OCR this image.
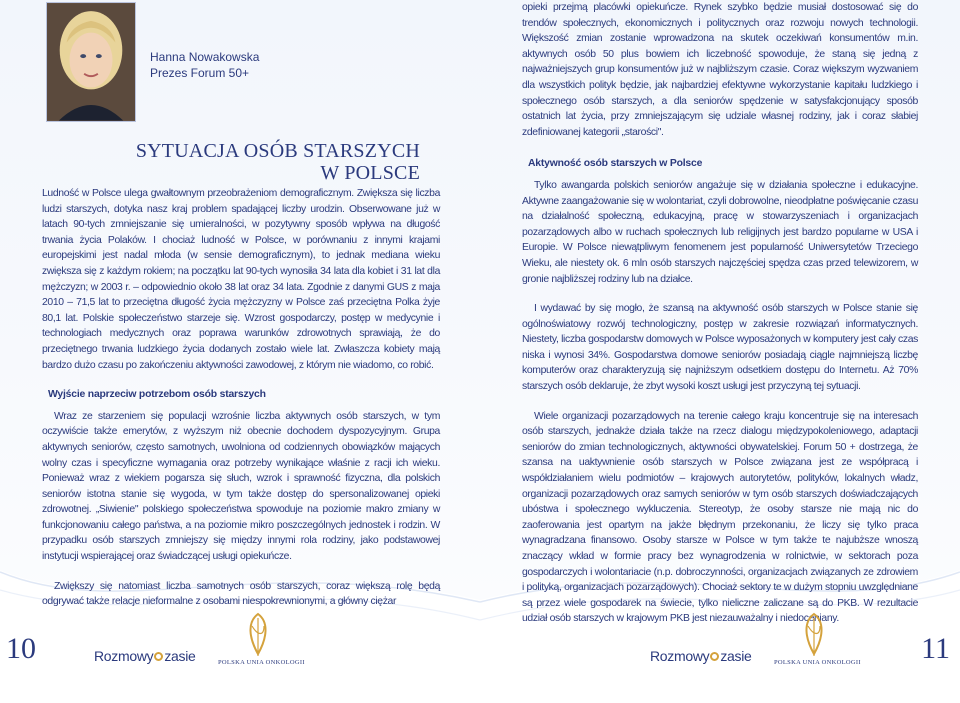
Hanna Nowakowska
Prezes Forum 50+
SYTUACJA OSÓB STARSZYCH
W POLSCE

Ludność w Polsce ulega gwałtownym przeobrażeniom demograficznym. Zwiększa się liczba ludzi starszych, dotyka nasz kraj problem spadającej liczby urodzin. Obserwowane już w latach 90-tych zmniejszanie się umieralności, w pozytywny sposób wpływa na długość trwania życia Polaków. I chociaż ludność w Polsce, w porównaniu z innymi krajami europejskimi jest nadal młoda (w sensie demograficznym), to jednak mediana wieku zwiększa się z każdym rokiem; na początku lat 90-tych wynosiła 34 lata dla kobiet i 31 lat dla mężczyzn; w 2003 r. – odpowiednio około 38 lat oraz 34 lata. Zgodnie z danymi GUS z maja 2010 – 71,5 lat to przeciętna długość życia mężczyzny w Polsce zaś przeciętna Polka żyje 80,1 lat. Polskie społeczeństwo starzeje się. Wzrost gospodarczy, postęp w medycynie i technologiach medycznych oraz poprawa warunków zdrowotnych sprawiają, że do przeciętnego trwania ludzkiego życia dodanych zostało wiele lat. Zwłaszcza kobiety mają bardzo dużo czasu po zakończeniu aktywności zawodowej, z którym nie wiadomo, co robić.

Wyjście naprzeciw potrzebom osób starszych

Wraz ze starzeniem się populacji wzrośnie liczba aktywnych osób starszych, w tym oczywiście także emerytów, z wyższym niż obecnie dochodem dyspozycyjnym. Grupa aktywnych seniorów, często samotnych, uwolniona od codziennych obowiązków mających wolny czas i specyficzne wymagania oraz potrzeby wynikające właśnie z racji ich wieku. Ponieważ wraz z wiekiem pogarsza się słuch, wzrok i sprawność fizyczna, dla polskich seniorów istotna stanie się wygoda, w tym także dostęp do spersonalizowanej opieki zdrowotnej. „Siwienie" polskiego społeczeństwa spowoduje na poziomie makro zmiany w funkcjonowaniu całego państwa, a na poziomie mikro poszczególnych jednostek i rodzin. W przypadku osób starszych zmniejszy się między innymi rola rodziny, jako podstawowej instytucji wspierającej oraz świadczącej usługi opiekuńcze.

Zwiększy się natomiast liczba samotnych osób starszych, coraz większą rolę będą odgrywać także relacje nieformalne z osobami niespokrewnionymi, a główny ciężar

10	Rozmowy zasie	POLSKA UNIA ONKOLOGII

opieki przejmą placówki opiekuńcze. Rynek szybko będzie musiał dostosować się do trendów społecznych, ekonomicznych i politycznych oraz rozwoju nowych technologii. Większość zmian zostanie wprowadzona na skutek oczekiwań konsumentów m.in. aktywnych osób 50 plus bowiem ich liczebność spowoduje, że staną się jedną z najważniejszych grup konsumentów już w najbliższym czasie. Coraz większym wyzwaniem dla wszystkich polityk będzie, jak najbardziej efektywne wykorzystanie kapitału ludzkiego i społecznego osób starszych, a dla seniorów spędzenie w satysfakcjonujący sposób ostatnich lat życia, przy zmniejszającym się udziale własnej rodziny, jak i coraz słabiej zdefiniowanej kategorii „starości".

Aktywność osób starszych w Polsce

Tylko awangarda polskich seniorów angażuje się w działania społeczne i edukacyjne. Aktywne zaangażowanie się w wolontariat, czyli dobrowolne, nieodpłatne poświęcanie czasu na działalność społeczną, edukacyjną, pracę w stowarzyszeniach i organizacjach pozarządowych albo w ruchach społecznych lub religijnych jest bardzo popularne w USA i Europie. W Polsce niewątpliwym fenomenem jest popularność Uniwersytetów Trzeciego Wieku, ale niestety ok. 6 mln osób starszych najczęściej spędza czas przed telewizorem, w gronie najbliższej rodziny lub na działce.

I wydawać by się mogło, że szansą na aktywność osób starszych w Polsce stanie się ogólnoświatowy rozwój technologiczny, postęp w zakresie rozwiązań informatycznych. Niestety, liczba gospodarstw domowych w Polsce wyposażonych w komputery jest cały czas niska i wynosi 34%. Gospodarstwa domowe seniorów posiadają ciągle najmniejszą liczbę komputerów oraz charakteryzują się najniższym odsetkiem dostępu do Internetu. Aż 70% starszych osób deklaruje, że zbyt wysoki koszt usługi jest przyczyną tej sytuacji.

Wiele organizacji pozarządowych na terenie całego kraju koncentruje się na interesach osób starszych, jednakże działa także na rzecz dialogu międzypokoleniowego, adaptacji seniorów do zmian technologicznych, aktywności obywatelskiej. Forum 50 + dostrzega, że szansa na uaktywnienie osób starszych w Polsce związana jest ze współpracą i współdziałaniem wielu podmiotów – krajowych autorytetów, polityków, lokalnych władz, organizacji pozarządowych oraz samych seniorów w tym osób starszych doświadczających ubóstwa i społecznego wykluczenia. Stereotyp, że osoby starsze nie mają nic do zaoferowania jest opartym na jakże błędnym przekonaniu, że liczy się tylko praca wynagradzana finansowo. Osoby starsze w Polsce w tym także te najubższe wnoszą znaczący wkład w formie pracy bez wynagrodzenia w rolnictwie, w sektorach poza gospodarczych i wolontariacie (n.p. dobroczynności, organizacjach związanych ze zdrowiem i polityką, organizacjach pozarządowych). Chociaż sektory te w dużym stopniu uwzględniane są przez wiele gospodarek na świecie, tylko nieliczne zaliczane są do PKB. W rezultacie udział osób starszych w krajowym PKB jest niezauważalny i niedoceniany.

Rozmowy zasie	POLSKA UNIA ONKOLOGII 11
